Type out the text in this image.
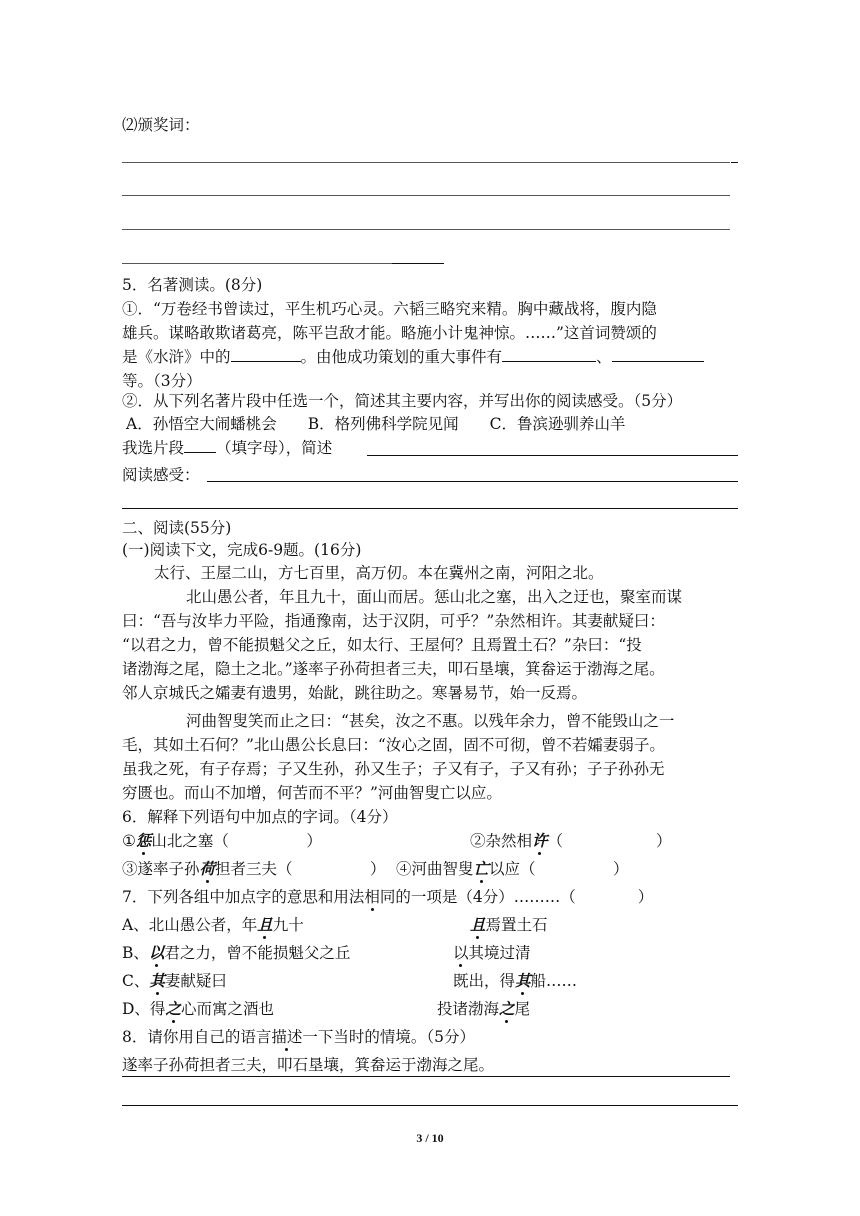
⑵颁奖词：
5．名著测读。(8分)
①．“万卷经书曾读过，平生机巧心灵。六韬三略究来精。胸中藏战将，腹内隐
雄兵。谋略敢欺诸葛亮，陈平岂敌才能。略施小计鬼神惊。……”这首词赞颂的
是《水浒》中的	。由他成功策划的重大事件有	、
等。（3分）
②．从下列名著片段中任选一个，简述其主要内容，并写出你的阅读感受。（5分）
A．孙悟空大闹蟠桃会　　B．格列佛科学院见闻　　C．鲁滨逊驯养山羊
我选片段 （填字母），简述
阅读感受：
二、阅读(55分)
(一)阅读下文，完成6-9题。(16分)
太行、王屋二山，方七百里，高万仞。本在冀州之南，河阳之北。
北山愚公者，年且九十，面山而居。惩山北之塞，出入之迂也，聚室而谋
曰：“吾与汝毕力平险，指通豫南，达于汉阴，可乎？”杂然相许。其妻献疑曰：
“以君之力，曾不能损魁父之丘，如太行、王屋何？且焉置土石？”杂曰：“投
诸渤海之尾，隐土之北。”遂率子孙荷担者三夫，叩石垦壤，箕畚运于渤海之尾。
邻人京城氏之孀妻有遗男，始龀，跳往助之。寒暑易节，始一反焉。
河曲智叟笑而止之曰：“甚矣，汝之不惠。以残年余力，曾不能毁山之一
毛，其如土石何？”北山愚公长息曰：“汝心之固，固不可彻，曾不若孀妻弱子。
虽我之死，有子存焉；子又生孙，孙又生子；子又有子，子又有孙；子子孙孙无
穷匮也。而山不加增，何苦而不平？”河曲智叟亡以应。
6．解释下列语句中加点的字词。（4分）
①惩山北之塞（　　　　　）	②杂然相许（　　　　　　）
③遂率子孙荷担者三夫（　　　　　） ④河曲智叟亡以应（　　　　　）
7．下列各组中加点字的意思和用法相同的一项是（4分）………（　　　　）
A、北山愚公者，年且九十	且焉置土石
B、以君之力，曾不能损魁父之丘	以其境过清
C、其妻献疑曰	既出，得其船……
D、得之心而寓之酒也	投诸渤海之尾
8．请你用自己的语言描述一下当时的情境。（5分）
遂率子孙荷担者三夫，叩石垦壤，箕畚运于渤海之尾。
3 / 10
